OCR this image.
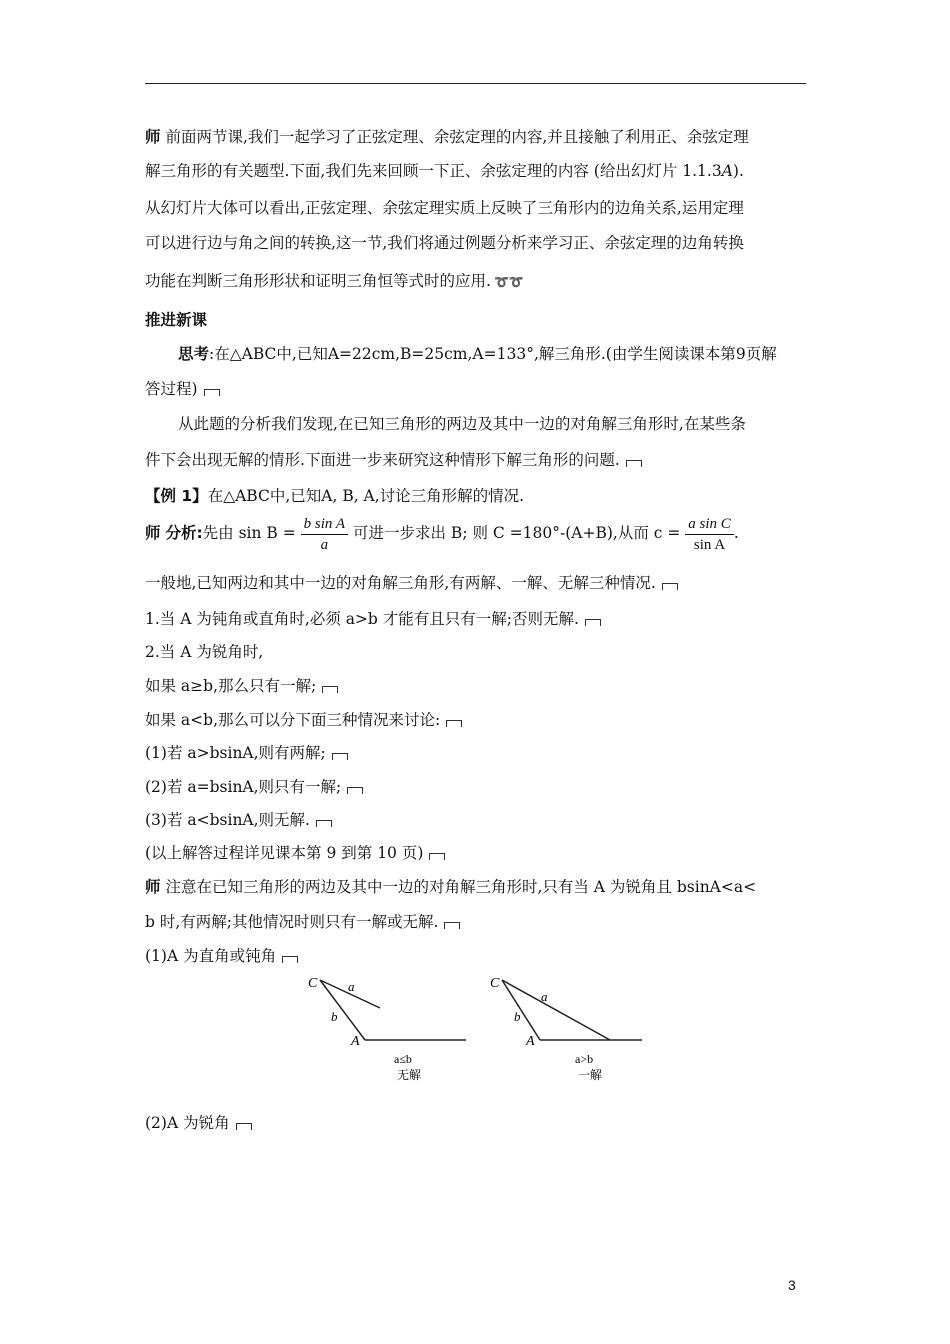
师 前面两节课,我们一起学习了正弦定理、余弦定理的内容,并且接触了利用正、余弦定理
解三角形的有关题型.下面,我们先来回顾一下正、余弦定理的内容 (给出幻灯片 1.1.3A).
从幻灯片大体可以看出,正弦定理、余弦定理实质上反映了三角形内的边角关系,运用定理
可以进行边与角之间的转换,这一节,我们将通过例题分析来学习正、余弦定理的边角转换
功能在判断三角形形状和证明三角恒等式时的应用. ➰➰
推进新课
思考:在△ABC中,已知A=22cm,B=25cm,A=133°,解三角形.(由学生阅读课本第9页解
答过程)
从此题的分析我们发现,在已知三角形的两边及其中一边的对角解三角形时,在某些条
件下会出现无解的情形.下面进一步来研究这种情形下解三角形的问题.
【例 1】在△ABC中,已知A, B, A,讨论三角形解的情况.
师 分析:先由 $\sin B = \frac{\text{b sin A}}{a}$ 可进一步求出 B; 则 C =180°-(A+B),从而 $c = \frac{\text{a sin C}}{\text{sin A}}$ .
一般地,已知两边和其中一边的对角解三角形,有两解、一解、无解三种情况.
1.当 A 为钝角或直角时,必须 a>b 才能有且只有一解;否则无解.
2.当 A 为锐角时,
如果 a≥b,那么只有一解;
如果 a<b,那么可以分下面三种情况来讨论:
(1)若 a>bsinA,则有两解;
(2)若 a=bsinA,则只有一解;
(3)若 a<bsinA,则无解.
(以上解答过程详见课本第 9 到第 10 页)
师 注意在已知三角形的两边及其中一边的对角解三角形时,只有当 A 为锐角且 bsinA<a<
b 时,有两解;其他情况时则只有一解或无解.
(1)A 为直角或钝角
C a
b
A
a≤b
无解
C
a
b
A
a>b
一解
(2)A 为锐角
3
